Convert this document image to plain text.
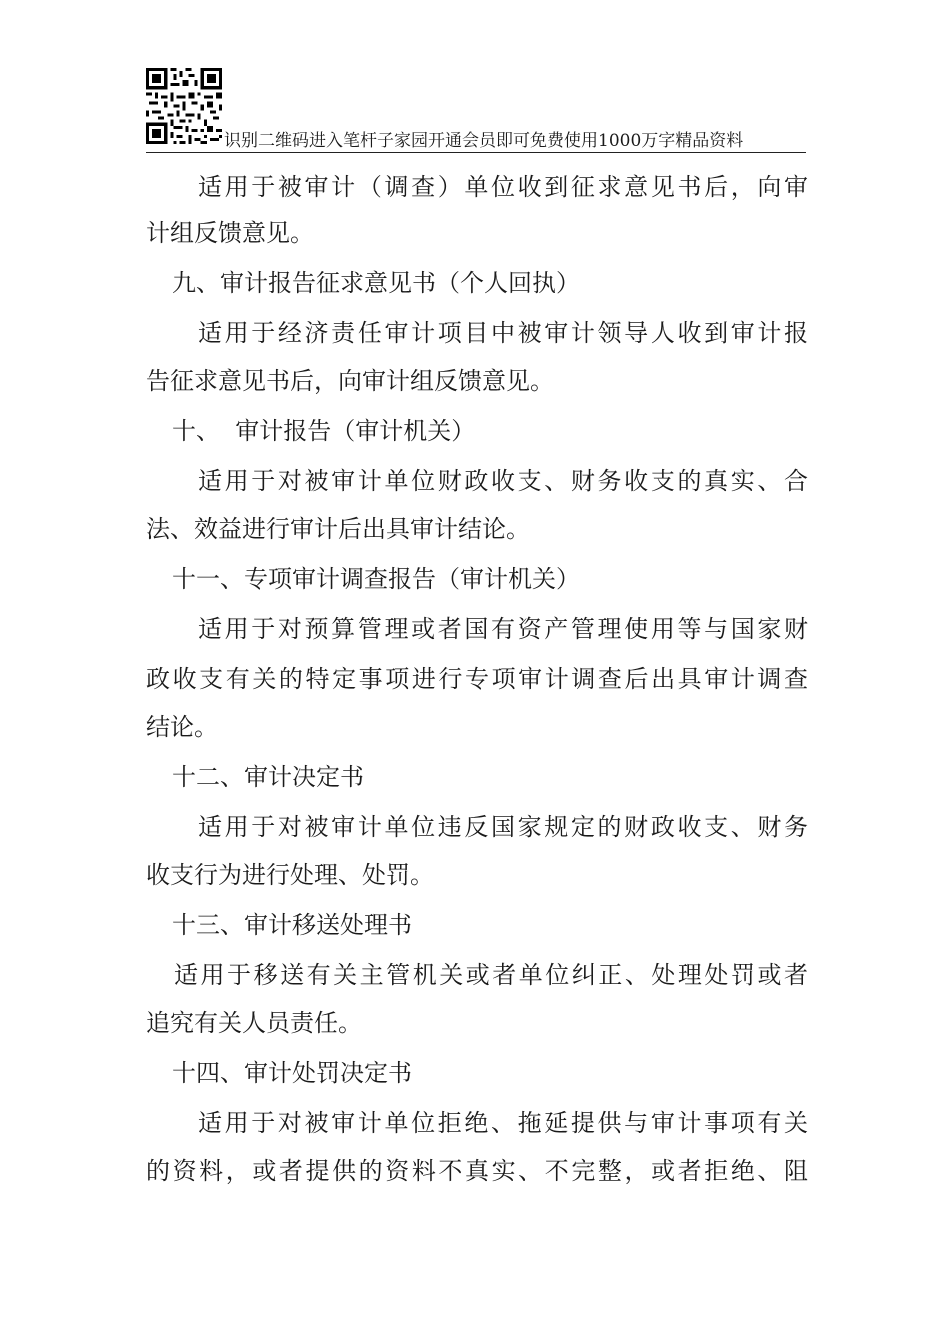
识别二维码进入笔杆子家园开通会员即可免费使用1000万字精品资料
适用于被审计（调查）单位收到征求意见书后，向审
计组反馈意见。
九、审计报告征求意见书（个人回执）
适用于经济责任审计项目中被审计领导人收到审计报
告征求意见书后，向审计组反馈意见。
十、  审计报告（审计机关）
适用于对被审计单位财政收支、财务收支的真实、合
法、效益进行审计后出具审计结论。
十一、专项审计调查报告（审计机关）
适用于对预算管理或者国有资产管理使用等与国家财
政收支有关的特定事项进行专项审计调查后出具审计调查
结论。
十二、审计决定书
适用于对被审计单位违反国家规定的财政收支、财务
收支行为进行处理、处罚。
十三、审计移送处理书
适用于移送有关主管机关或者单位纠正、处理处罚或者
追究有关人员责任。
十四、审计处罚决定书
适用于对被审计单位拒绝、拖延提供与审计事项有关
的资料，或者提供的资料不真实、不完整，或者拒绝、阻
